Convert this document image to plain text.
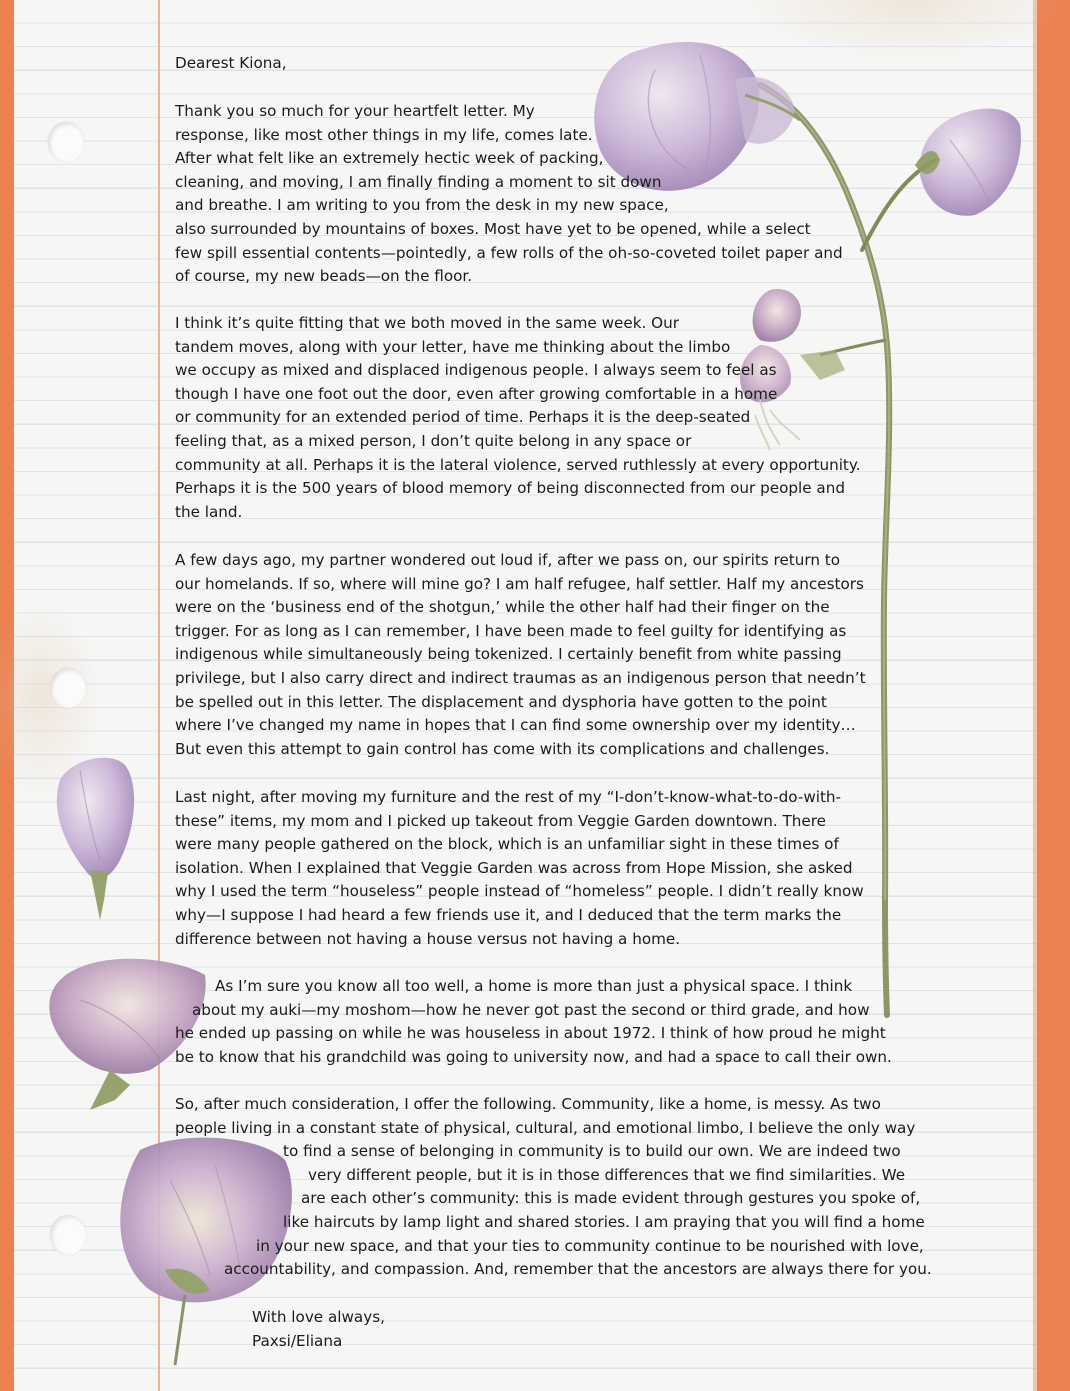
Dearest Kiona,
Thank you so much for your heartfelt letter. My
response, like most other things in my life, comes late.
After what felt like an extremely hectic week of packing,
cleaning, and moving, I am finally finding a moment to sit down
and breathe. I am writing to you from the desk in my new space,
also surrounded by mountains of boxes. Most have yet to be opened, while a select
few spill essential contents—pointedly, a few rolls of the oh-so-coveted toilet paper and
of course, my new beads—on the floor.
I think it’s quite fitting that we both moved in the same week. Our
tandem moves, along with your letter, have me thinking about the limbo
we occupy as mixed and displaced indigenous people. I always seem to feel as
though I have one foot out the door, even after growing comfortable in a home
or community for an extended period of time. Perhaps it is the deep-seated
feeling that, as a mixed person, I don’t quite belong in any space or
community at all. Perhaps it is the lateral violence, served ruthlessly at every opportunity.
Perhaps it is the 500 years of blood memory of being disconnected from our people and
the land.
A few days ago, my partner wondered out loud if, after we pass on, our spirits return to
our homelands. If so, where will mine go? I am half refugee, half settler. Half my ancestors
were on the ‘business end of the shotgun,’ while the other half had their finger on the
trigger. For as long as I can remember, I have been made to feel guilty for identifying as
indigenous while simultaneously being tokenized. I certainly benefit from white passing
privilege, but I also carry direct and indirect traumas as an indigenous person that needn’t
be spelled out in this letter. The displacement and dysphoria have gotten to the point
where I’ve changed my name in hopes that I can find some ownership over my identity…
But even this attempt to gain control has come with its complications and challenges.
Last night, after moving my furniture and the rest of my “I-don’t-know-what-to-do-with-
these” items, my mom and I picked up takeout from Veggie Garden downtown. There
were many people gathered on the block, which is an unfamiliar sight in these times of
isolation. When I explained that Veggie Garden was across from Hope Mission, she asked
why I used the term “houseless” people instead of “homeless” people. I didn’t really know
why—I suppose I had heard a few friends use it, and I deduced that the term marks the
difference between not having a house versus not having a home.
As I’m sure you know all too well, a home is more than just a physical space. I think
about my auki—my moshom—how he never got past the second or third grade, and how
he ended up passing on while he was houseless in about 1972. I think of how proud he might
be to know that his grandchild was going to university now, and had a space to call their own.
So, after much consideration, I offer the following. Community, like a home, is messy. As two
people living in a constant state of physical, cultural, and emotional limbo, I believe the only way
to find a sense of belonging in community is to build our own. We are indeed two
very different people, but it is in those differences that we find similarities. We
are each other’s community: this is made evident through gestures you spoke of,
like haircuts by lamp light and shared stories. I am praying that you will find a home
in your new space, and that your ties to community continue to be nourished with love,
accountability, and compassion. And, remember that the ancestors are always there for you.
With love always,
Paxsi/Eliana
